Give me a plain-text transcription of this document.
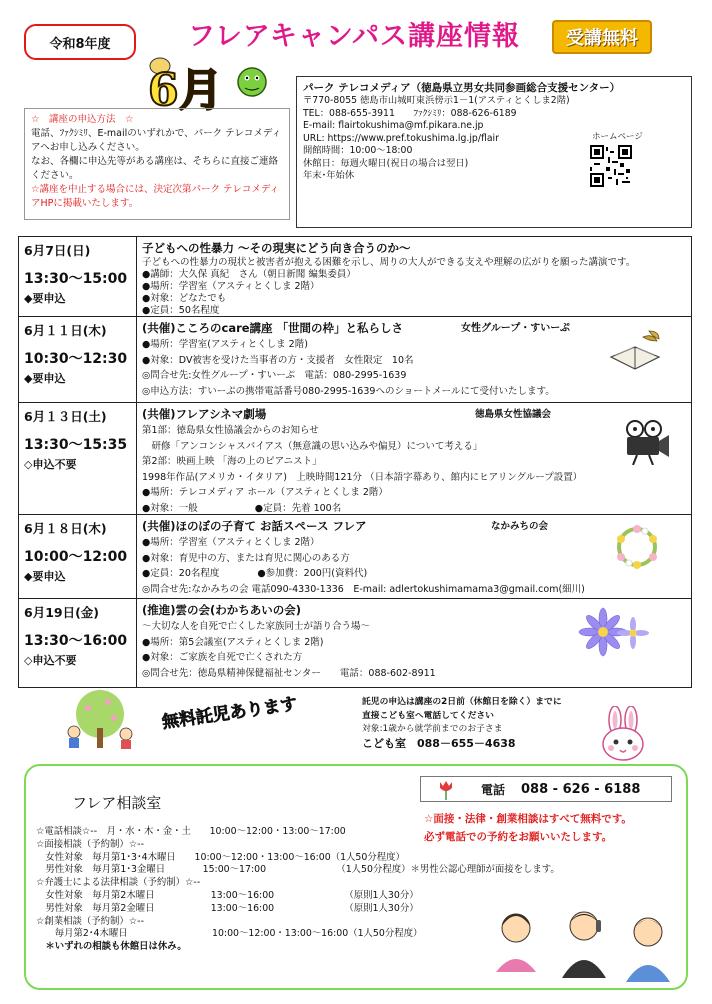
令和8年度	フレアキャンパス講座情報	受講無料
6月
☆　講座の申込方法　☆
電話、ﾌｧｸｼﾐﾘ、E-mailのいずれかで、パーク テレコメディアへお申し込みください。
なお、各欄に申込先等がある講座は、そちらに直接ご連絡ください。
☆講座を中止する場合には、決定次第パーク テレコメディアHPに掲載いたします。
パーク テレコメディア（徳島県立男女共同参画総合支援センター）
〒770-8055 徳島市山城町東浜傍示1－1(アスティとくしま2階)
TEL：088-655-3911　　ﾌｧｸｼﾐﾘ：088-626-6189
E-mail: flairtokushima@mf.pikara.ne.jp
URL: https://www.pref.tokushima.lg.jp/flair
開館時間：10:00～18:00
休館日：毎週火曜日(祝日の場合は翌日)
年末･年始休
ホームページ
6月7日(日)
13:30～15:00
◆要申込
子どもへの性暴力 ～その現実にどう向き合うのか～
子どもへの性暴力の現状と被害者が抱える困難を示し、周りの大人ができる支えや理解の広がりを願った講演です。
●講師：大久保 真紀　さん（朝日新聞 編集委員）
●場所：学習室（アスティとくしま 2階）
●対象：どなたでも
●定員：50名程度
6月１１日(木)
10:30～12:30
◆要申込
(共催)こころのcare講座 「世間の枠」と私らしさ	女性グループ・すいーぷ
●場所：学習室(アスティとくしま 2階)
●対象：DV被害を受けた当事者の方・支援者　女性限定　10名
◎問合せ先:女性グループ・すいーぷ　電話：080-2995-1639
◎申込方法：すいーぷの携帯電話番号080-2995-1639へのショートメールにて受付いたします。
6月１３日(土)
13:30～15:35
◇申込不要
(共催)フレアシネマ劇場	徳島県女性協議会
第1部：徳島県女性協議会からのお知らせ
　研修「アンコンシャスバイアス（無意識の思い込みや偏見）について考える」
第2部：映画上映 「海の上のピアニスト」
1998年作品(アメリカ・イタリア)　上映時間121分 （日本語字幕あり、館内にヒアリングループ設置）
●場所：テレコメディア ホール（アスティとくしま 2階）
●対象：一般　　　　　　●定員：先着 100名
6月１８日(木)
10:00～12:00
◆要申込
(共催)ほのぼの子育て お話スペース フレア	なかみちの会
●場所：学習室（アスティとくしま 2階）
●対象：育児中の方、または育児に関心のある方
●定員：20名程度　　　　●参加費：200円(資料代)
◎問合せ先:なかみちの会 電話090-4330-1336　E-mail: adlertokushimamama3@gmail.com(細川)
6月19日(金)
13:30～16:00
◇申込不要
(推進)雲の会(わかちあいの会)
～大切な人を自死で亡くした家族同士が語り合う場～
●場所：第5会議室(アスティとくしま 2階)
●対象：ご家族を自死で亡くされた方
◎問合せ先：徳島県精神保健福祉センター　　電話：088-602-8911
無料託児あります	託児の申込は講座の2日前（休館日を除く）までに
直接こども室へ電話してください
対象:1歳から就学前までのお子さま
こども室　088－655－4638
フレア相談室
電話 088 - 626 - 6188
☆面接・法律・創業相談はすべて無料です。
必ず電話での予約をお願いいたします。
☆電話相談☆--　月・水・木・金・土　　10:00～12:00・13:00～17:00
☆面接相談（予約制）☆--
　女性対象　毎月第1･3･4木曜日　　10:00～12:00・13:00～16:00（1人50分程度）
　男性対象　毎月第1･3金曜日　　　　15:00～17:00　　　　　　　　（1人50分程度）＊男性公認心理師が面接をします。
☆弁護士による法律相談（予約制）☆--
　女性対象　毎月第2木曜日　　　　　　13:00～16:00　　　　　　　　（原則1人30分）
　男性対象　毎月第2金曜日　　　　　　13:00～16:00　　　　　　　　（原則1人30分）
☆創業相談（予約制）☆--
　　毎月第2･4木曜日　　　　　　　　　10:00～12:00・13:00～16:00（1人50分程度）
　＊いずれの相談も休館日は休み。
